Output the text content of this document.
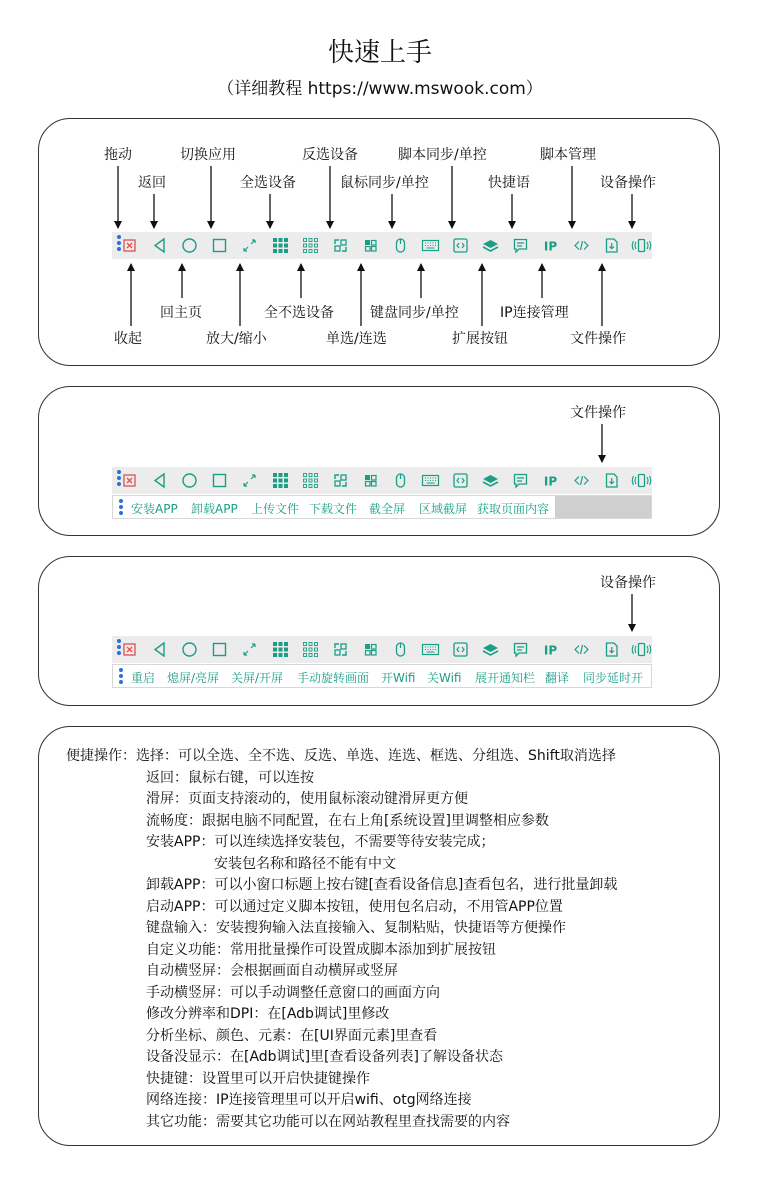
快速上手
（详细教程 https://www.mswook.com）
IP
拖动
返回
切换应用
全选设备
反选设备
鼠标同步/单控
脚本同步/单控
快捷语
脚本管理
设备操作
收起
回主页
放大/缩小
全不选设备
单选/连选
键盘同步/单控
扩展按钮
IP连接管理
文件操作
文件操作
IP
安装APP 卸载APP 上传文件 下载文件 截全屏 区域截屏 获取页面内容
设备操作
IP
重启 熄屏/亮屏 关屏/开屏 手动旋转画面 开Wifi 关Wifi 展开通知栏 翻译 同步延时开
便捷操作：选择：可以全选、全不选、反选、单选、连选、框选、分组选、Shift取消选择
返回：鼠标右键，可以连按
滑屏：页面支持滚动的，使用鼠标滚动键滑屏更方便
流畅度：跟据电脑不同配置，在右上角[系统设置]里调整相应参数
安装APP：可以连续选择安装包，不需要等待安装完成；
安装包名称和路径不能有中文
卸载APP：可以小窗口标题上按右键[查看设备信息]查看包名，进行批量卸载
启动APP：可以通过定义脚本按钮，使用包名启动，不用管APP位置
键盘输入：安装搜狗输入法直接输入、复制粘贴，快捷语等方便操作
自定义功能：常用批量操作可设置成脚本添加到扩展按钮
自动横竖屏：会根据画面自动横屏或竖屏
手动横竖屏：可以手动调整任意窗口的画面方向
修改分辨率和DPI：在[Adb调试]里修改
分析坐标、颜色、元素：在[UI界面元素]里查看
设备没显示：在[Adb调试]里[查看设备列表]了解设备状态
快捷键：设置里可以开启快捷键操作
网络连接：IP连接管理里可以开启wifi、otg网络连接
其它功能：需要其它功能可以在网站教程里查找需要的内容
